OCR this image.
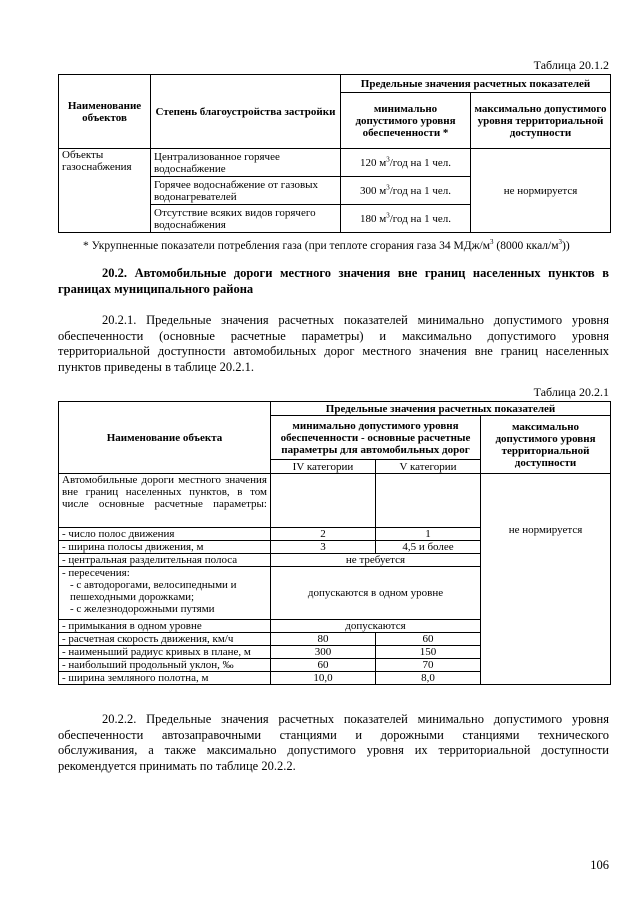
Таблица 20.1.2
Наименование объектов	Степень благоустройства застройки	Предельные значения расчетных показателей	
		минимально допустимого уровня обеспеченности *	максимально допустимого уровня территориальной доступности
Объекты газоснабжения	Централизованное горячее водоснабжение	120 $м^3$/год на 1 чел.	не нормируется
	Горячее водоснабжение от газовых водонагревателей	300 $м^3$/год на 1 чел.	
	Отсутствие всяких видов горячего водоснабжения	180 $м^3$/год на 1 чел.	
* Укрупненные показатели потребления газа (при теплоте сгорания газа 34 МДж/$м^3$ (8000 ккал/$м^3$))
20.2. Автомобильные дороги местного значения вне границ населенных пунктов в
границах муниципального района
20.2.1. Предельные значения расчетных показателей минимально допустимого уровня
обеспеченности (основные расчетные параметры) и максимально допустимого уровня
территориальной доступности автомобильных дорог местного значения вне границ населенных
пунктов приведены в таблице 20.2.1.
Таблица 20.2.1
Наименование объекта	Предельные значения расчетных показателей		
	минимально допустимого уровня обеспеченности - основные расчетные параметры для автомобильных дорог		максимально допустимого уровня территориальной доступности
	IV категории	V категории	

Автомобильные дороги местного значения вне границ населенных пунктов, в том числе основные расчетные параметры:			не нормируется
- число полос движения	2	1	
- ширина полосы движения, м	3	4,5 и более	
- центральная разделительная полоса	не требуется		

- пересечения:
- с автодорогами, велосипедными и пешеходными дорожками;
- с железнодорожными путями	допускаются в одном уровне		
- примыкания в одном уровне	допускаются		
- расчетная скорость движения, км/ч	80	60	
- наименьший радиус кривых в плане, м	300	150	
- наибольший продольный уклон, ‰	60	70	
- ширина земляного полотна, м	10,0	8,0	
20.2.2. Предельные значения расчетных показателей минимально допустимого уровня
обеспеченности автозаправочными станциями и дорожными станциями технического
обслуживания, а также максимально допустимого уровня их территориальной доступности
рекомендуется принимать по таблице 20.2.2.
106
